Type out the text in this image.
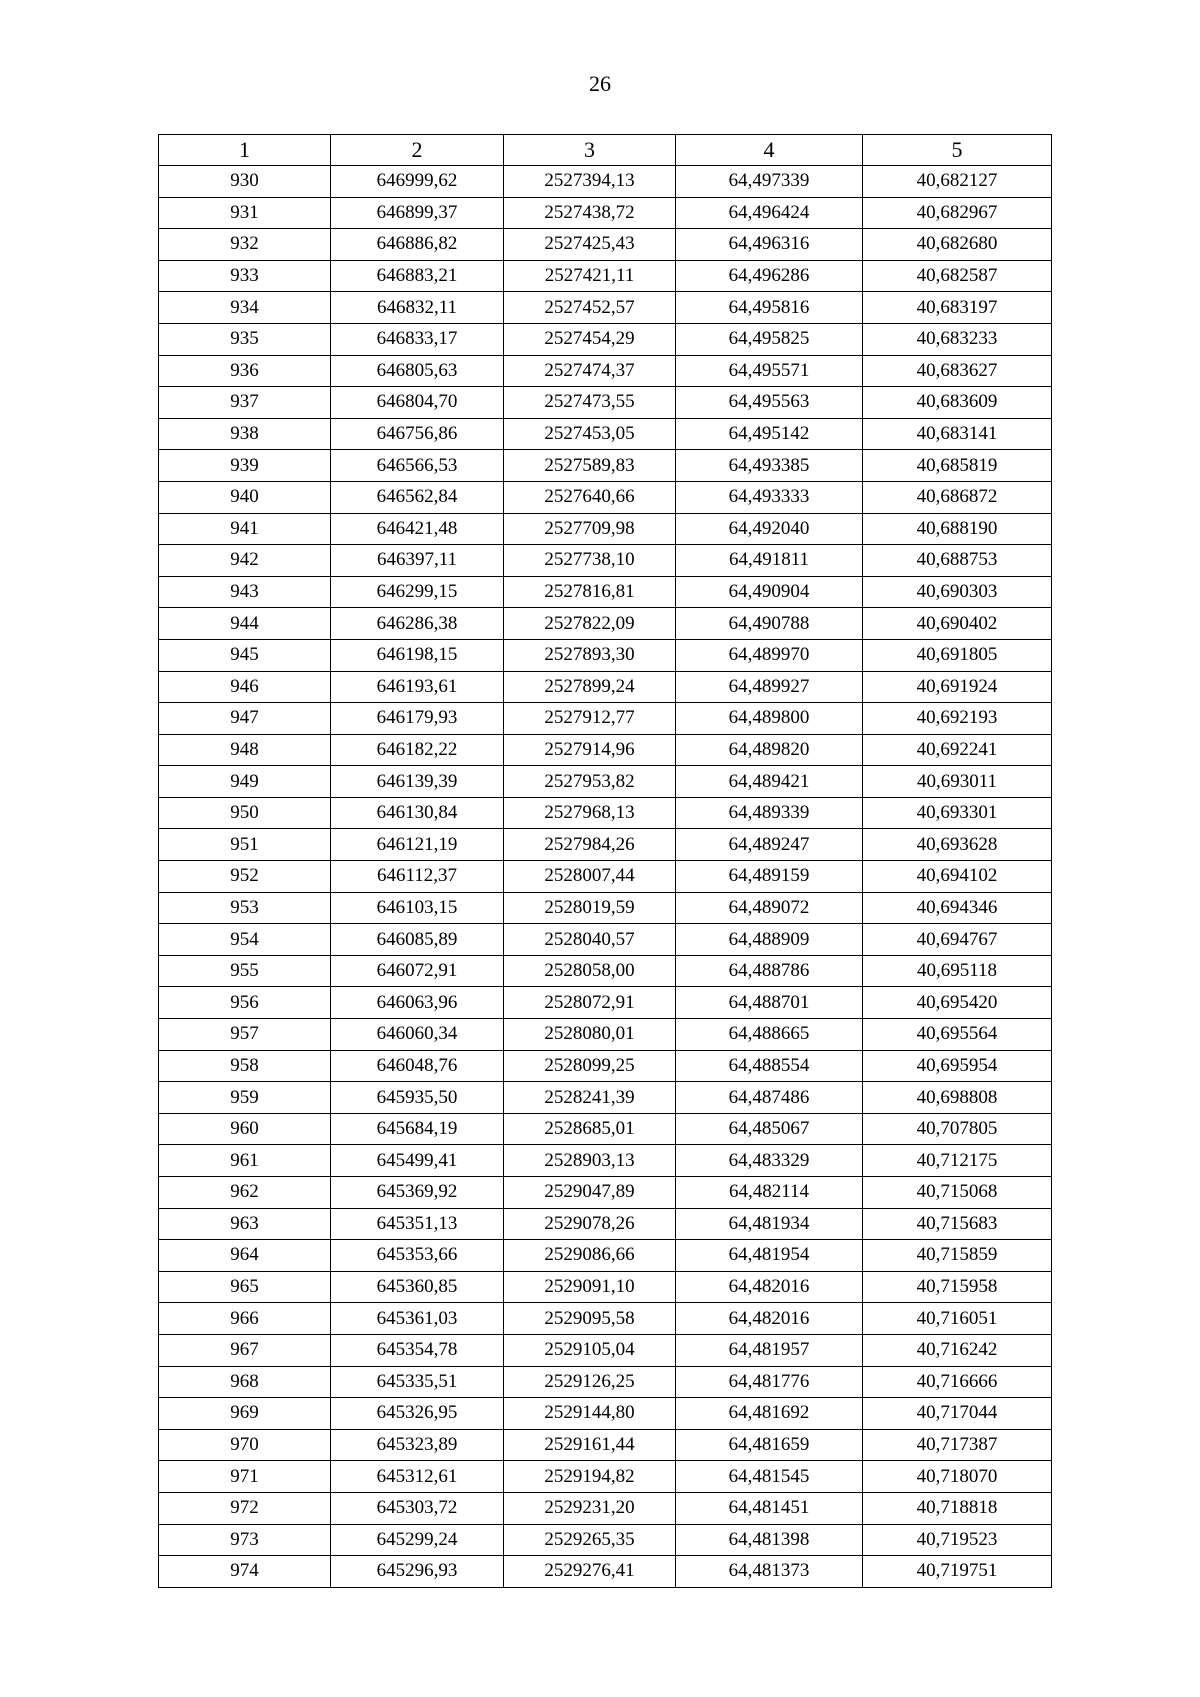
26
1	2	3	4	5
930	646999,62	2527394,13	64,497339	40,682127
931	646899,37	2527438,72	64,496424	40,682967
932	646886,82	2527425,43	64,496316	40,682680
933	646883,21	2527421,11	64,496286	40,682587
934	646832,11	2527452,57	64,495816	40,683197
935	646833,17	2527454,29	64,495825	40,683233
936	646805,63	2527474,37	64,495571	40,683627
937	646804,70	2527473,55	64,495563	40,683609
938	646756,86	2527453,05	64,495142	40,683141
939	646566,53	2527589,83	64,493385	40,685819
940	646562,84	2527640,66	64,493333	40,686872
941	646421,48	2527709,98	64,492040	40,688190
942	646397,11	2527738,10	64,491811	40,688753
943	646299,15	2527816,81	64,490904	40,690303
944	646286,38	2527822,09	64,490788	40,690402
945	646198,15	2527893,30	64,489970	40,691805
946	646193,61	2527899,24	64,489927	40,691924
947	646179,93	2527912,77	64,489800	40,692193
948	646182,22	2527914,96	64,489820	40,692241
949	646139,39	2527953,82	64,489421	40,693011
950	646130,84	2527968,13	64,489339	40,693301
951	646121,19	2527984,26	64,489247	40,693628
952	646112,37	2528007,44	64,489159	40,694102
953	646103,15	2528019,59	64,489072	40,694346
954	646085,89	2528040,57	64,488909	40,694767
955	646072,91	2528058,00	64,488786	40,695118
956	646063,96	2528072,91	64,488701	40,695420
957	646060,34	2528080,01	64,488665	40,695564
958	646048,76	2528099,25	64,488554	40,695954
959	645935,50	2528241,39	64,487486	40,698808
960	645684,19	2528685,01	64,485067	40,707805
961	645499,41	2528903,13	64,483329	40,712175
962	645369,92	2529047,89	64,482114	40,715068
963	645351,13	2529078,26	64,481934	40,715683
964	645353,66	2529086,66	64,481954	40,715859
965	645360,85	2529091,10	64,482016	40,715958
966	645361,03	2529095,58	64,482016	40,716051
967	645354,78	2529105,04	64,481957	40,716242
968	645335,51	2529126,25	64,481776	40,716666
969	645326,95	2529144,80	64,481692	40,717044
970	645323,89	2529161,44	64,481659	40,717387
971	645312,61	2529194,82	64,481545	40,718070
972	645303,72	2529231,20	64,481451	40,718818
973	645299,24	2529265,35	64,481398	40,719523
974	645296,93	2529276,41	64,481373	40,719751
